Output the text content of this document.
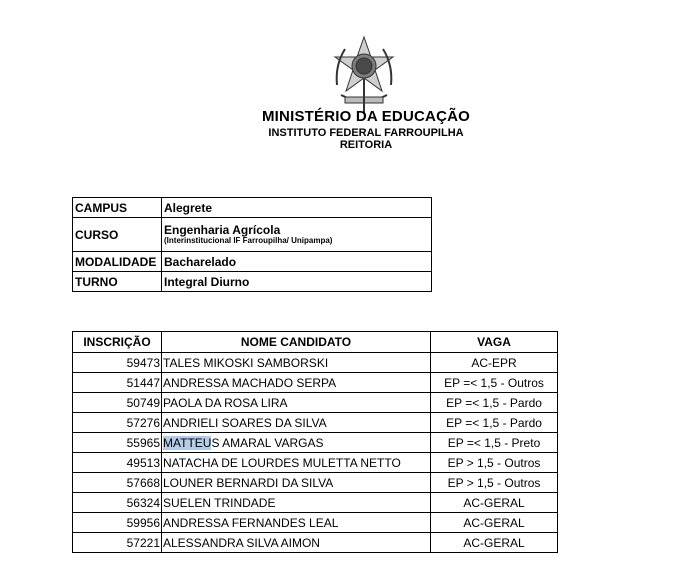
MINISTÉRIO DA EDUCAÇÃO
INSTITUTO FEDERAL FARROUPILHA
REITORIA
CAMPUS	Alegrete
CURSO	Engenharia Agrícola
(Interinstitucional IF Farroupilha/ Unipampa)

MODALIDADE	Bacharelado
TURNO	Integral Diurno
INSCRIÇÃO	NOME CANDIDATO	VAGA
59473	TALES MIKOSKI SAMBORSKI	AC-EPR
51447	ANDRESSA MACHADO SERPA	EP =< 1,5 - Outros
50749	PAOLA DA ROSA LIRA	EP =< 1,5 - Pardo
57276	ANDRIELI SOARES DA SILVA	EP =< 1,5 - Pardo
55965	MATTEUS AMARAL VARGAS	EP =< 1,5 - Preto
49513	NATACHA DE LOURDES MULETTA NETTO	EP > 1,5 - Outros
57668	LOUNER BERNARDI DA SILVA	EP > 1,5 - Outros
56324	SUELEN TRINDADE	AC-GERAL
59956	ANDRESSA FERNANDES LEAL	AC-GERAL
57221	ALESSANDRA SILVA AIMON	AC-GERAL
